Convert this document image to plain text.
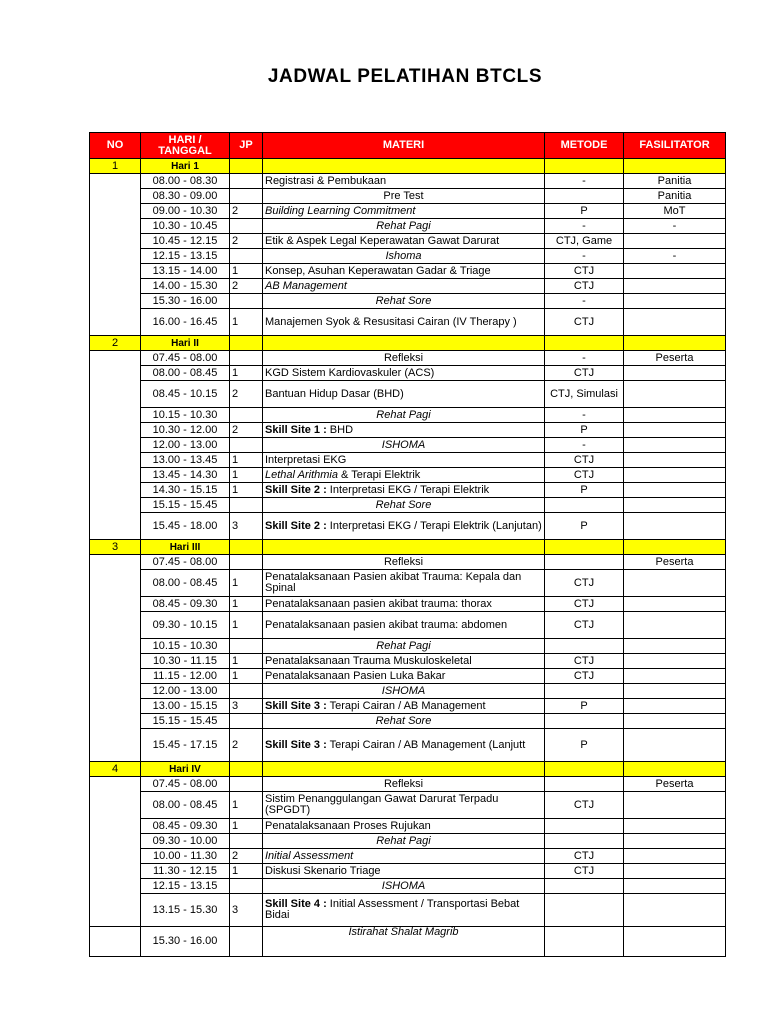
JADWAL PELATIHAN BTCLS
NO	HARI / TANGGAL	JP	MATERI	METODE	FASILITATOR
1	Hari 1				
	08.00 - 08.30		Registrasi & Pembukaan	-	Panitia
	08.30 - 09.00		Pre Test		Panitia
	09.00 - 10.30	2	Building Learning Commitment	P	MoT
	10.30 - 10.45		Rehat Pagi	-	-
	10.45 - 12.15	2	Etik & Aspek Legal Keperawatan Gawat Darurat	CTJ, Game	
	12.15 - 13.15		Ishoma	-	-
	13.15 - 14.00	1	Konsep, Asuhan Keperawatan Gadar & Triage	CTJ	
	14.00 - 15.30	2	AB Management	CTJ	
	15.30 - 16.00		Rehat Sore	-	
	16.00 - 16.45	1	Manajemen Syok & Resusitasi Cairan (IV Therapy )	CTJ	
2	Hari II				
	07.45 - 08.00		Refleksi	-	Peserta
	08.00 - 08.45	1	KGD Sistem Kardiovaskuler (ACS)	CTJ	
	08.45 - 10.15	2	Bantuan Hidup Dasar (BHD)	CTJ, Simulasi	
	10.15 - 10.30		Rehat Pagi	-	
	10.30 - 12.00	2	Skill Site 1 : BHD	P	
	12.00 - 13.00		ISHOMA	-	
	13.00 - 13.45	1	Interpretasi EKG	CTJ	
	13.45 - 14.30	1	Lethal Arithmia & Terapi Elektrik	CTJ	
	14.30 - 15.15	1	Skill Site 2 : Interpretasi EKG / Terapi Elektrik	P	
	15.15 - 15.45		Rehat Sore		
	15.45 - 18.00	3	Skill Site 2 : Interpretasi EKG / Terapi Elektrik (Lanjutan)	P	
3	Hari III				
	07.45 - 08.00		Refleksi		Peserta
	08.00 - 08.45	1	Penatalaksanaan Pasien akibat Trauma: Kepala dan Spinal	CTJ	
	08.45 - 09.30	1	Penatalaksanaan pasien akibat trauma: thorax	CTJ	
	09.30 - 10.15	1	Penatalaksanaan pasien akibat trauma: abdomen	CTJ	
	10.15 - 10.30		Rehat Pagi		
	10.30 - 11.15	1	Penatalaksanaan Trauma Muskuloskeletal	CTJ	
	11.15 - 12.00	1	Penatalaksanaan Pasien Luka Bakar	CTJ	
	12.00 - 13.00		ISHOMA		
	13.00 - 15.15	3	Skill Site 3 : Terapi Cairan / AB Management	P	
	15.15 - 15.45		Rehat Sore		
	15.45 - 17.15	2	Skill Site 3 : Terapi Cairan / AB Management (Lanjutt	P	
4	Hari IV				
	07.45 - 08.00		Refleksi		Peserta
	08.00 - 08.45	1	Sistim Penanggulangan Gawat Darurat Terpadu (SPGDT)	CTJ	
	08.45 - 09.30	1	Penatalaksanaan Proses Rujukan		
	09.30 - 10.00		Rehat Pagi		
	10.00 - 11.30	2	Initial Assessment	CTJ	
	11.30 - 12.15	1	Diskusi Skenario Triage	CTJ	
	12.15 - 13.15		ISHOMA		
	13.15 - 15.30	3	Skill Site 4 : Initial Assessment / Transportasi Bebat Bidai		
	15.30 - 16.00		Istirahat Shalat Magrib		
